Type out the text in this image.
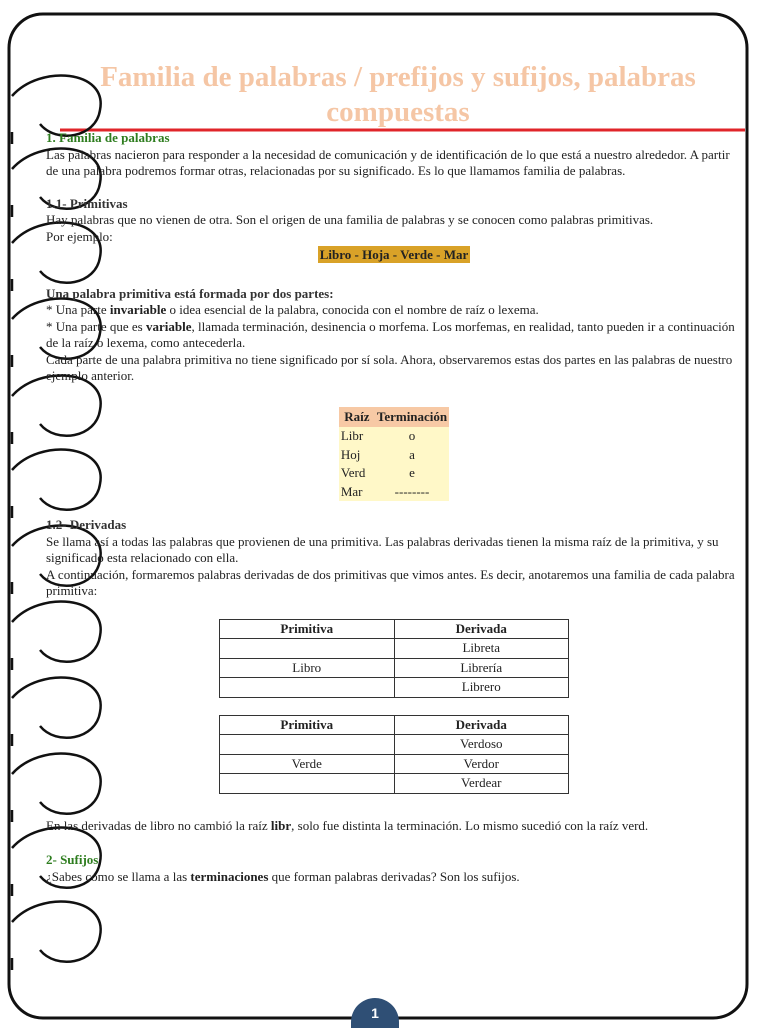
Familia de palabras / prefijos y sufijos, palabras compuestas
1. Familia de palabras

Las palabras nacieron para responder a la necesidad de comunicación y de identificación de lo que está a nuestro alrededor. A partir de una palabra podremos formar otras, relacionadas por su significado. Es lo que llamamos familia de palabras.

1.1- Primitivas

Hay palabras que no vienen de otra. Son el origen de una familia de palabras y se conocen como palabras primitivas.

Por ejemplo:

Libro - Hoja - Verde - Mar
Una palabra primitiva está formada por dos partes:

* Una parte invariable o idea esencial de la palabra, conocida con el nombre de raíz o lexema.

* Una parte que es variable, llamada terminación, desinencia o morfema. Los morfemas, en realidad, tanto pueden ir a continuación de la raíz o lexema, como antecederla.

Cada parte de una palabra primitiva no tiene significado por sí sola. Ahora, observaremos estas dos partes en las palabras de nuestro ejemplo anterior.

Raíz	Terminación
Libr	o
Hoj	a
Verd	e
Mar	--------
1.2- Derivadas

Se llama así a todas las palabras que provienen de una primitiva. Las palabras derivadas tienen la misma raíz de la primitiva, y su significado esta relacionado con ella.

A continuación, formaremos palabras derivadas de dos primitivas que vimos antes. Es decir, anotaremos una familia de cada palabra primitiva:

Primitiva	Derivada
	Libreta
Libro	Librería
	Librero
Primitiva	Derivada
	Verdoso
Verde	Verdor
	Verdear

En las derivadas de libro no cambió la raíz libr, solo fue distinta la terminación. Lo mismo sucedió con la raíz verd.

2- Sufijos

¿Sabes cómo se llama a las terminaciones que forman palabras derivadas? Son los sufijos.

1
